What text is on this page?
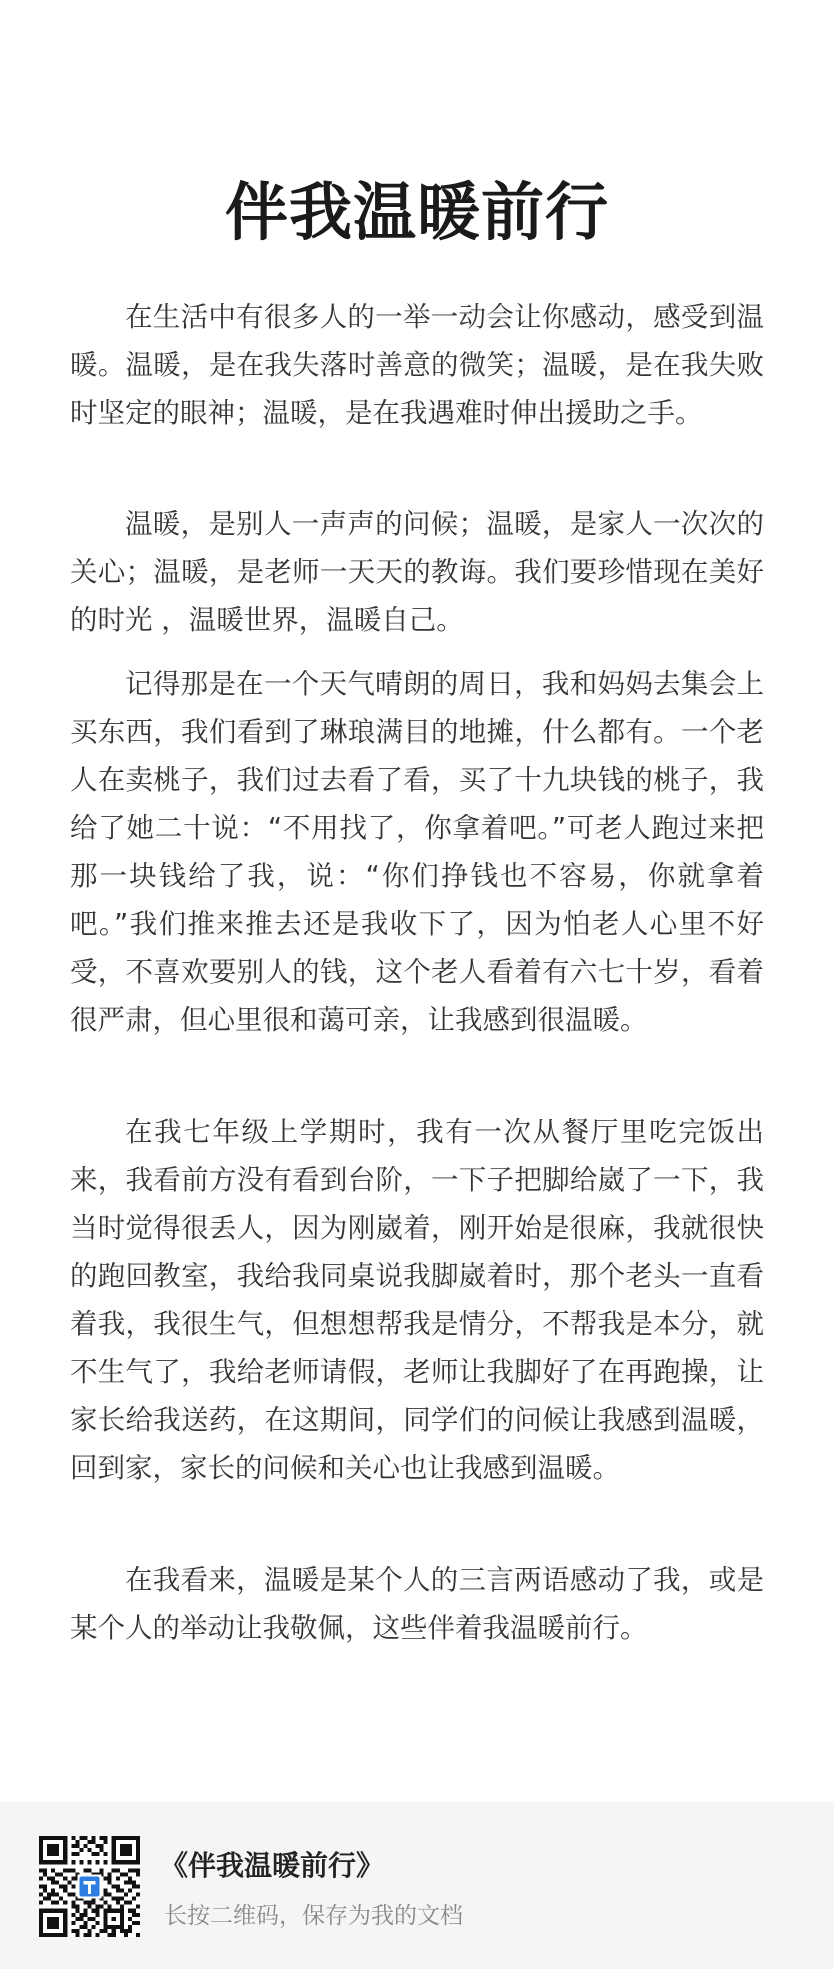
伴我温暖前行

在生活中有很多人的一举一动会让你感动，感受到温暖。温暖，是在我失落时善意的微笑；温暖，是在我失败时坚定的眼神；温暖，是在我遇难时伸出援助之手。

温暖，是别人一声声的问候；温暖，是家人一次次的关心；温暖，是老师一天天的教诲。我们要珍惜现在美好的时光 ，温暖世界，温暖自己。

记得那是在一个天气晴朗的周日，我和妈妈去集会上买东西，我们看到了琳琅满目的地摊，什么都有。一个老人在卖桃子，我们过去看了看，买了十九块钱的桃子，我给了她二十说：“不用找了，你拿着吧。”可老人跑过来把那一块钱给了我，说：“你们挣钱也不容易，你就拿着吧。”我们推来推去还是我收下了，因为怕老人心里不好受，不喜欢要别人的钱，这个老人看着有六七十岁，看着很严肃，但心里很和蔼可亲，让我感到很温暖。

在我七年级上学期时，我有一次从餐厅里吃完饭出来，我看前方没有看到台阶，一下子把脚给崴了一下，我当时觉得很丢人，因为刚崴着，刚开始是很麻，我就很快的跑回教室，我给我同桌说我脚崴着时，那个老头一直看着我，我很生气，但想想帮我是情分，不帮我是本分，就不生气了，我给老师请假，老师让我脚好了在再跑操，让家长给我送药，在这期间，同学们的问候让我感到温暖，回到家，家长的问候和关心也让我感到温暖。

在我看来，温暖是某个人的三言两语感动了我，或是某个人的举动让我敬佩，这些伴着我温暖前行。

《伴我温暖前行》
长按二维码，保存为我的文档
